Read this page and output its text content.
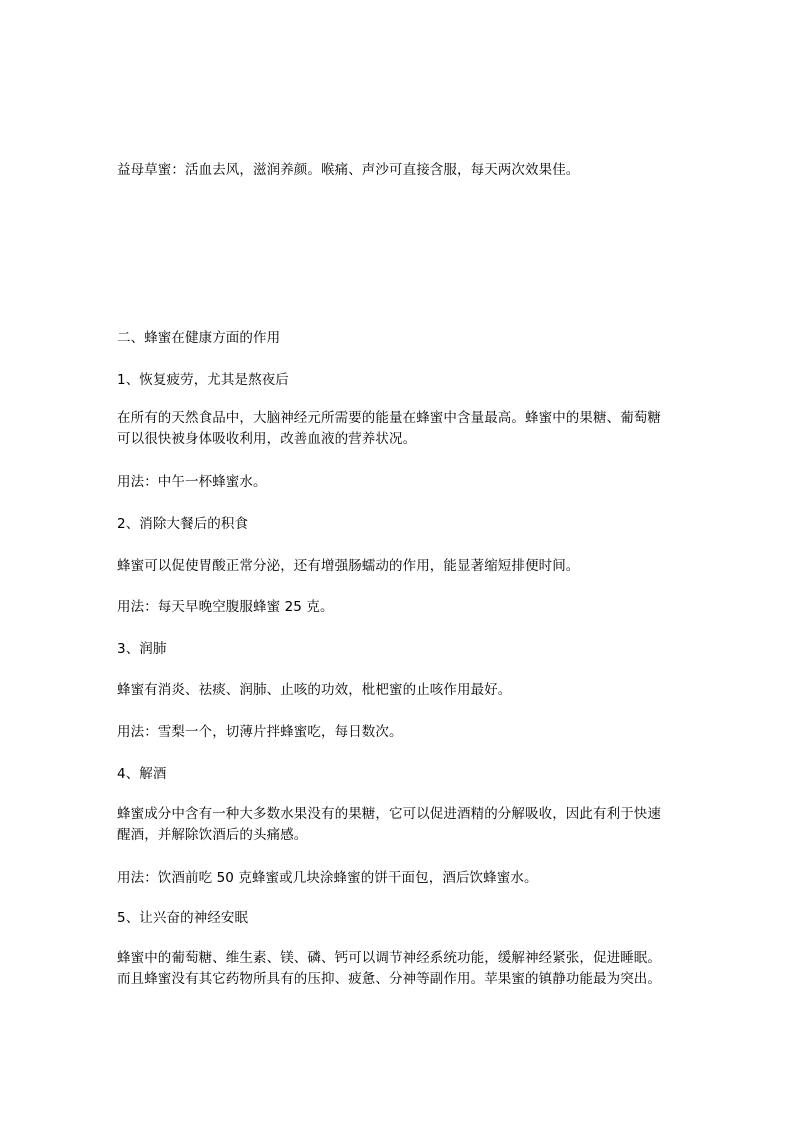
益母草蜜：活血去风，滋润养颜。喉痛、声沙可直接含服，每天两次效果佳。
二、蜂蜜在健康方面的作用
1、恢复疲劳，尤其是熬夜后
在所有的天然食品中，大脑神经元所需要的能量在蜂蜜中含量最高。蜂蜜中的果糖、葡萄糖
可以很快被身体吸收利用，改善血液的营养状况。
用法：中午一杯蜂蜜水。
2、消除大餐后的积食
蜂蜜可以促使胃酸正常分泌，还有增强肠蠕动的作用，能显著缩短排便时间。
用法：每天早晚空腹服蜂蜜 25 克。
3、润肺
蜂蜜有消炎、祛痰、润肺、止咳的功效，枇杷蜜的止咳作用最好。
用法：雪梨一个，切薄片拌蜂蜜吃，每日数次。
4、解酒
蜂蜜成分中含有一种大多数水果没有的果糖，它可以促进酒精的分解吸收，因此有利于快速
醒酒，并解除饮酒后的头痛感。
用法：饮酒前吃 50 克蜂蜜或几块涂蜂蜜的饼干面包，酒后饮蜂蜜水。
5、让兴奋的神经安眠
蜂蜜中的葡萄糖、维生素、镁、磷、钙可以调节神经系统功能，缓解神经紧张，促进睡眠。
而且蜂蜜没有其它药物所具有的压抑、疲惫、分神等副作用。苹果蜜的镇静功能最为突出。
